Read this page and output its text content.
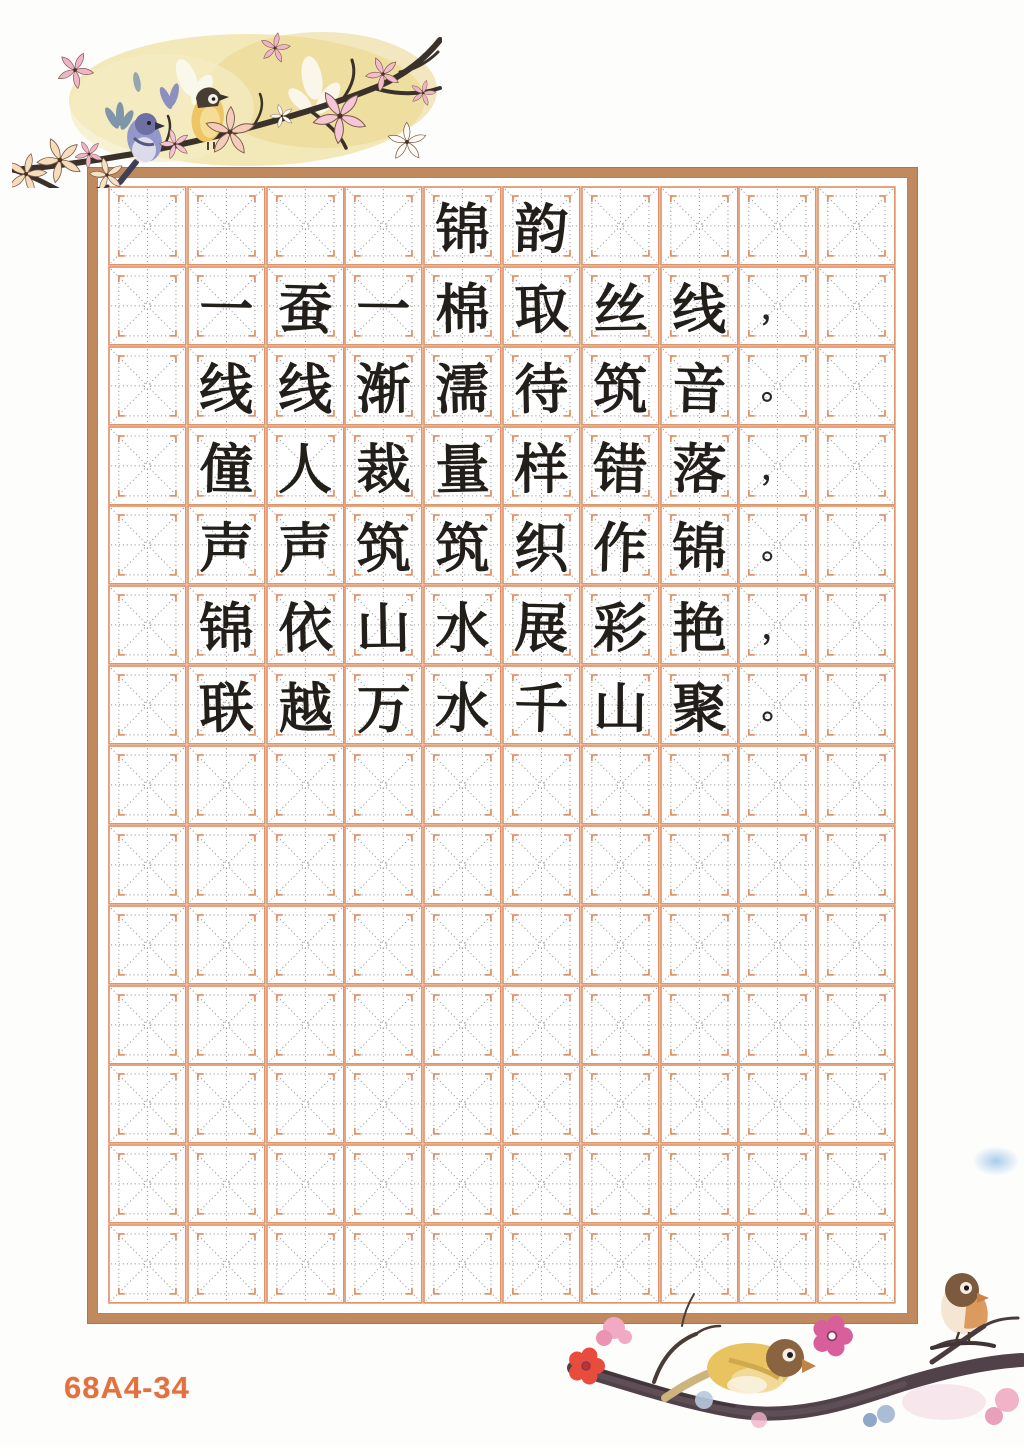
锦 韵
一 蚕 一 棉 取 丝 线	，
线 线 渐 濡 待 筑 音	。
僮 人 裁 量 样 错 落	，
声 声 筑 筑 织 作 锦	。
锦 依 山 水 展 彩 艳	，
联 越 万 水 千 山 聚	。
68A4-34
